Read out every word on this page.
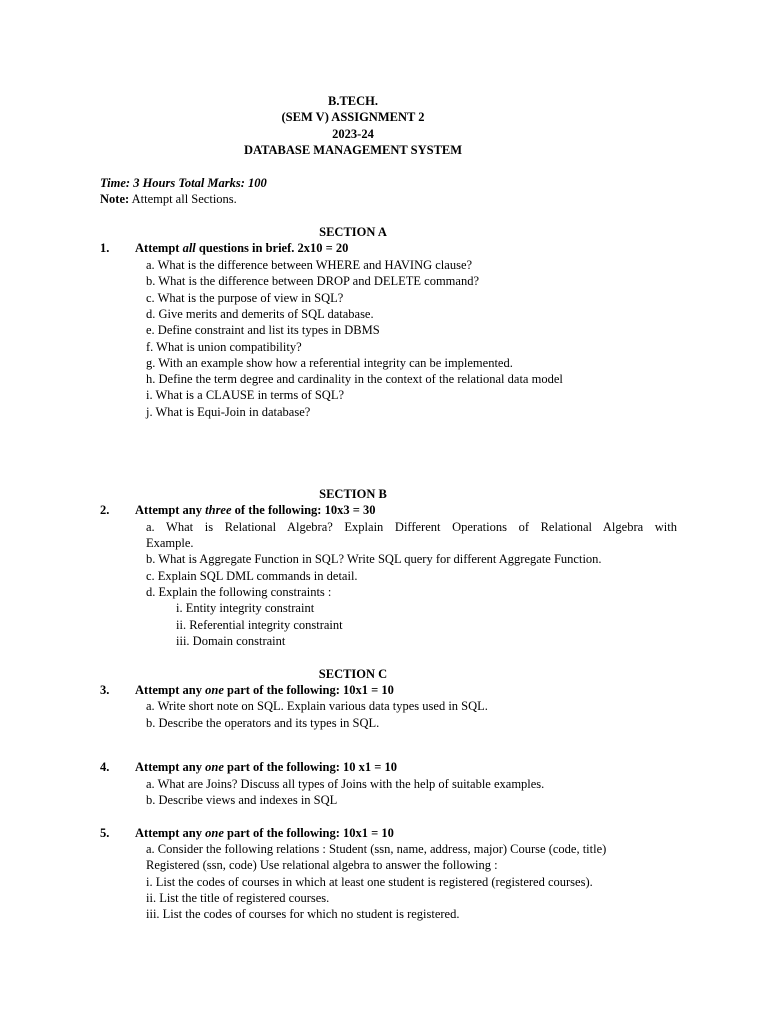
B.TECH.
(SEM V) ASSIGNMENT 2
2023-24
DATABASE MANAGEMENT SYSTEM
Time: 3 Hours Total Marks: 100
Note: Attempt all Sections.
SECTION A
1. Attempt all questions in brief. 2x10 = 20
a. What is the difference between WHERE and HAVING clause?
b. What is the difference between DROP and DELETE command?
c. What is the purpose of view in SQL?
d. Give merits and demerits of SQL database.
e. Define constraint and list its types in DBMS
f. What is union compatibility?
g. With an example show how a referential integrity can be implemented.
h. Define the term degree and cardinality in the context of the relational data model
i. What is a CLAUSE in terms of SQL?
j. What is Equi-Join in database?
SECTION B
2. Attempt any three of the following: 10x3 = 30
a. What is Relational Algebra? Explain Different Operations of Relational Algebra with
Example.
b. What is Aggregate Function in SQL? Write SQL query for different Aggregate Function.
c. Explain SQL DML commands in detail.
d. Explain the following constraints :
i. Entity integrity constraint
ii. Referential integrity constraint
iii. Domain constraint
SECTION C
3. Attempt any one part of the following: 10x1 = 10
a. Write short note on SQL. Explain various data types used in SQL.
b. Describe the operators and its types in SQL.
4. Attempt any one part of the following: 10 x1 = 10
a. What are Joins? Discuss all types of Joins with the help of suitable examples.
b. Describe views and indexes in SQL
5. Attempt any one part of the following: 10x1 = 10
a. Consider the following relations : Student (ssn, name, address, major) Course (code, title)
Registered (ssn, code) Use relational algebra to answer the following :
i. List the codes of courses in which at least one student is registered (registered courses).
ii. List the title of registered courses.
iii. List the codes of courses for which no student is registered.
